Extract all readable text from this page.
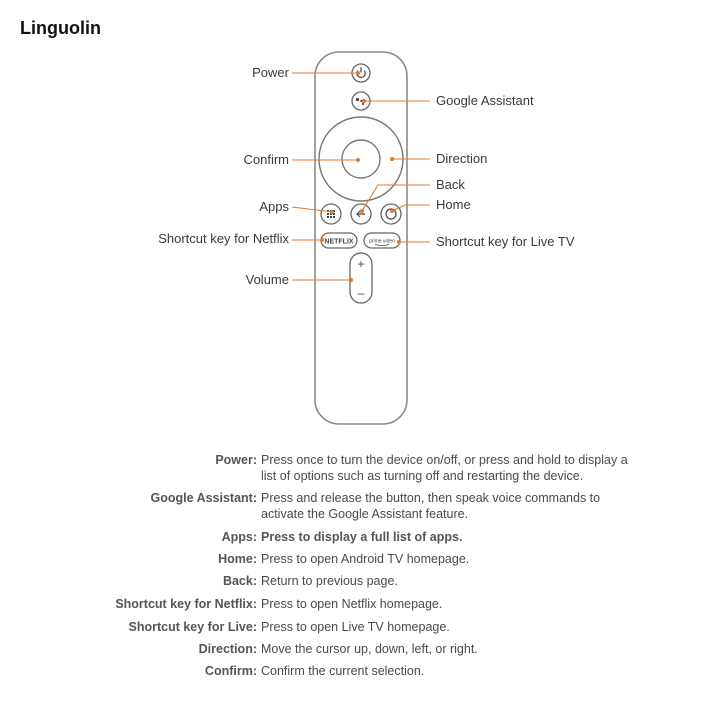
Linguolin
NETFLIX	prime video
+
–
Power
Google Assistant
Confirm	Direction
Back
Home
Apps
Shortcut key for Netflix	Shortcut key for Live TV
Volume
Power: Press once to turn the device on/off, or press and hold to display a list of options such as turning off and restarting the device.
Google Assistant: Press and release the button, then speak voice commands to activate the Google Assistant feature.
Apps: Press to display a full list of apps.
Home: Press to open Android TV homepage.
Back: Return to previous page.
Shortcut key for Netflix: Press to open Netflix homepage.
Shortcut key for Live: Press to open Live TV homepage.
Direction: Move the cursor up, down, left, or right.
Confirm: Confirm the current selection.
